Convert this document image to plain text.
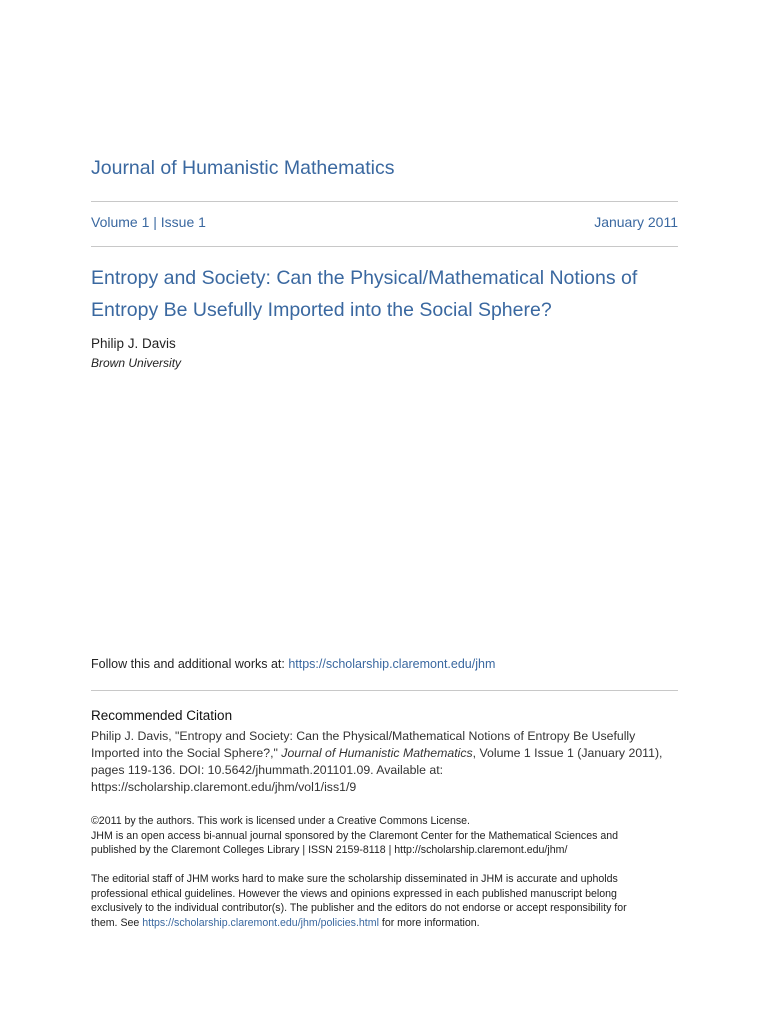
Journal of Humanistic Mathematics
Volume 1 | Issue 1	January 2011
Entropy and Society: Can the Physical/Mathematical Notions of
Entropy Be Usefully Imported into the Social Sphere?
Philip J. Davis
Brown University
Follow this and additional works at: https://scholarship.claremont.edu/jhm
Recommended Citation
Philip J. Davis, "Entropy and Society: Can the Physical/Mathematical Notions of Entropy Be Usefully Imported into the Social Sphere?," Journal of Humanistic Mathematics, Volume 1 Issue 1 (January 2011), pages 119-136. DOI: 10.5642/jhummath.201101.09. Available at: https://scholarship.claremont.edu/jhm/vol1/iss1/9
©2011 by the authors. This work is licensed under a Creative Commons License.
JHM is an open access bi-annual journal sponsored by the Claremont Center for the Mathematical Sciences and
published by the Claremont Colleges Library | ISSN 2159-8118 | http://scholarship.claremont.edu/jhm/
The editorial staff of JHM works hard to make sure the scholarship disseminated in JHM is accurate and upholds
professional ethical guidelines. However the views and opinions expressed in each published manuscript belong
exclusively to the individual contributor(s). The publisher and the editors do not endorse or accept responsibility for
them. See https://scholarship.claremont.edu/jhm/policies.html for more information.
